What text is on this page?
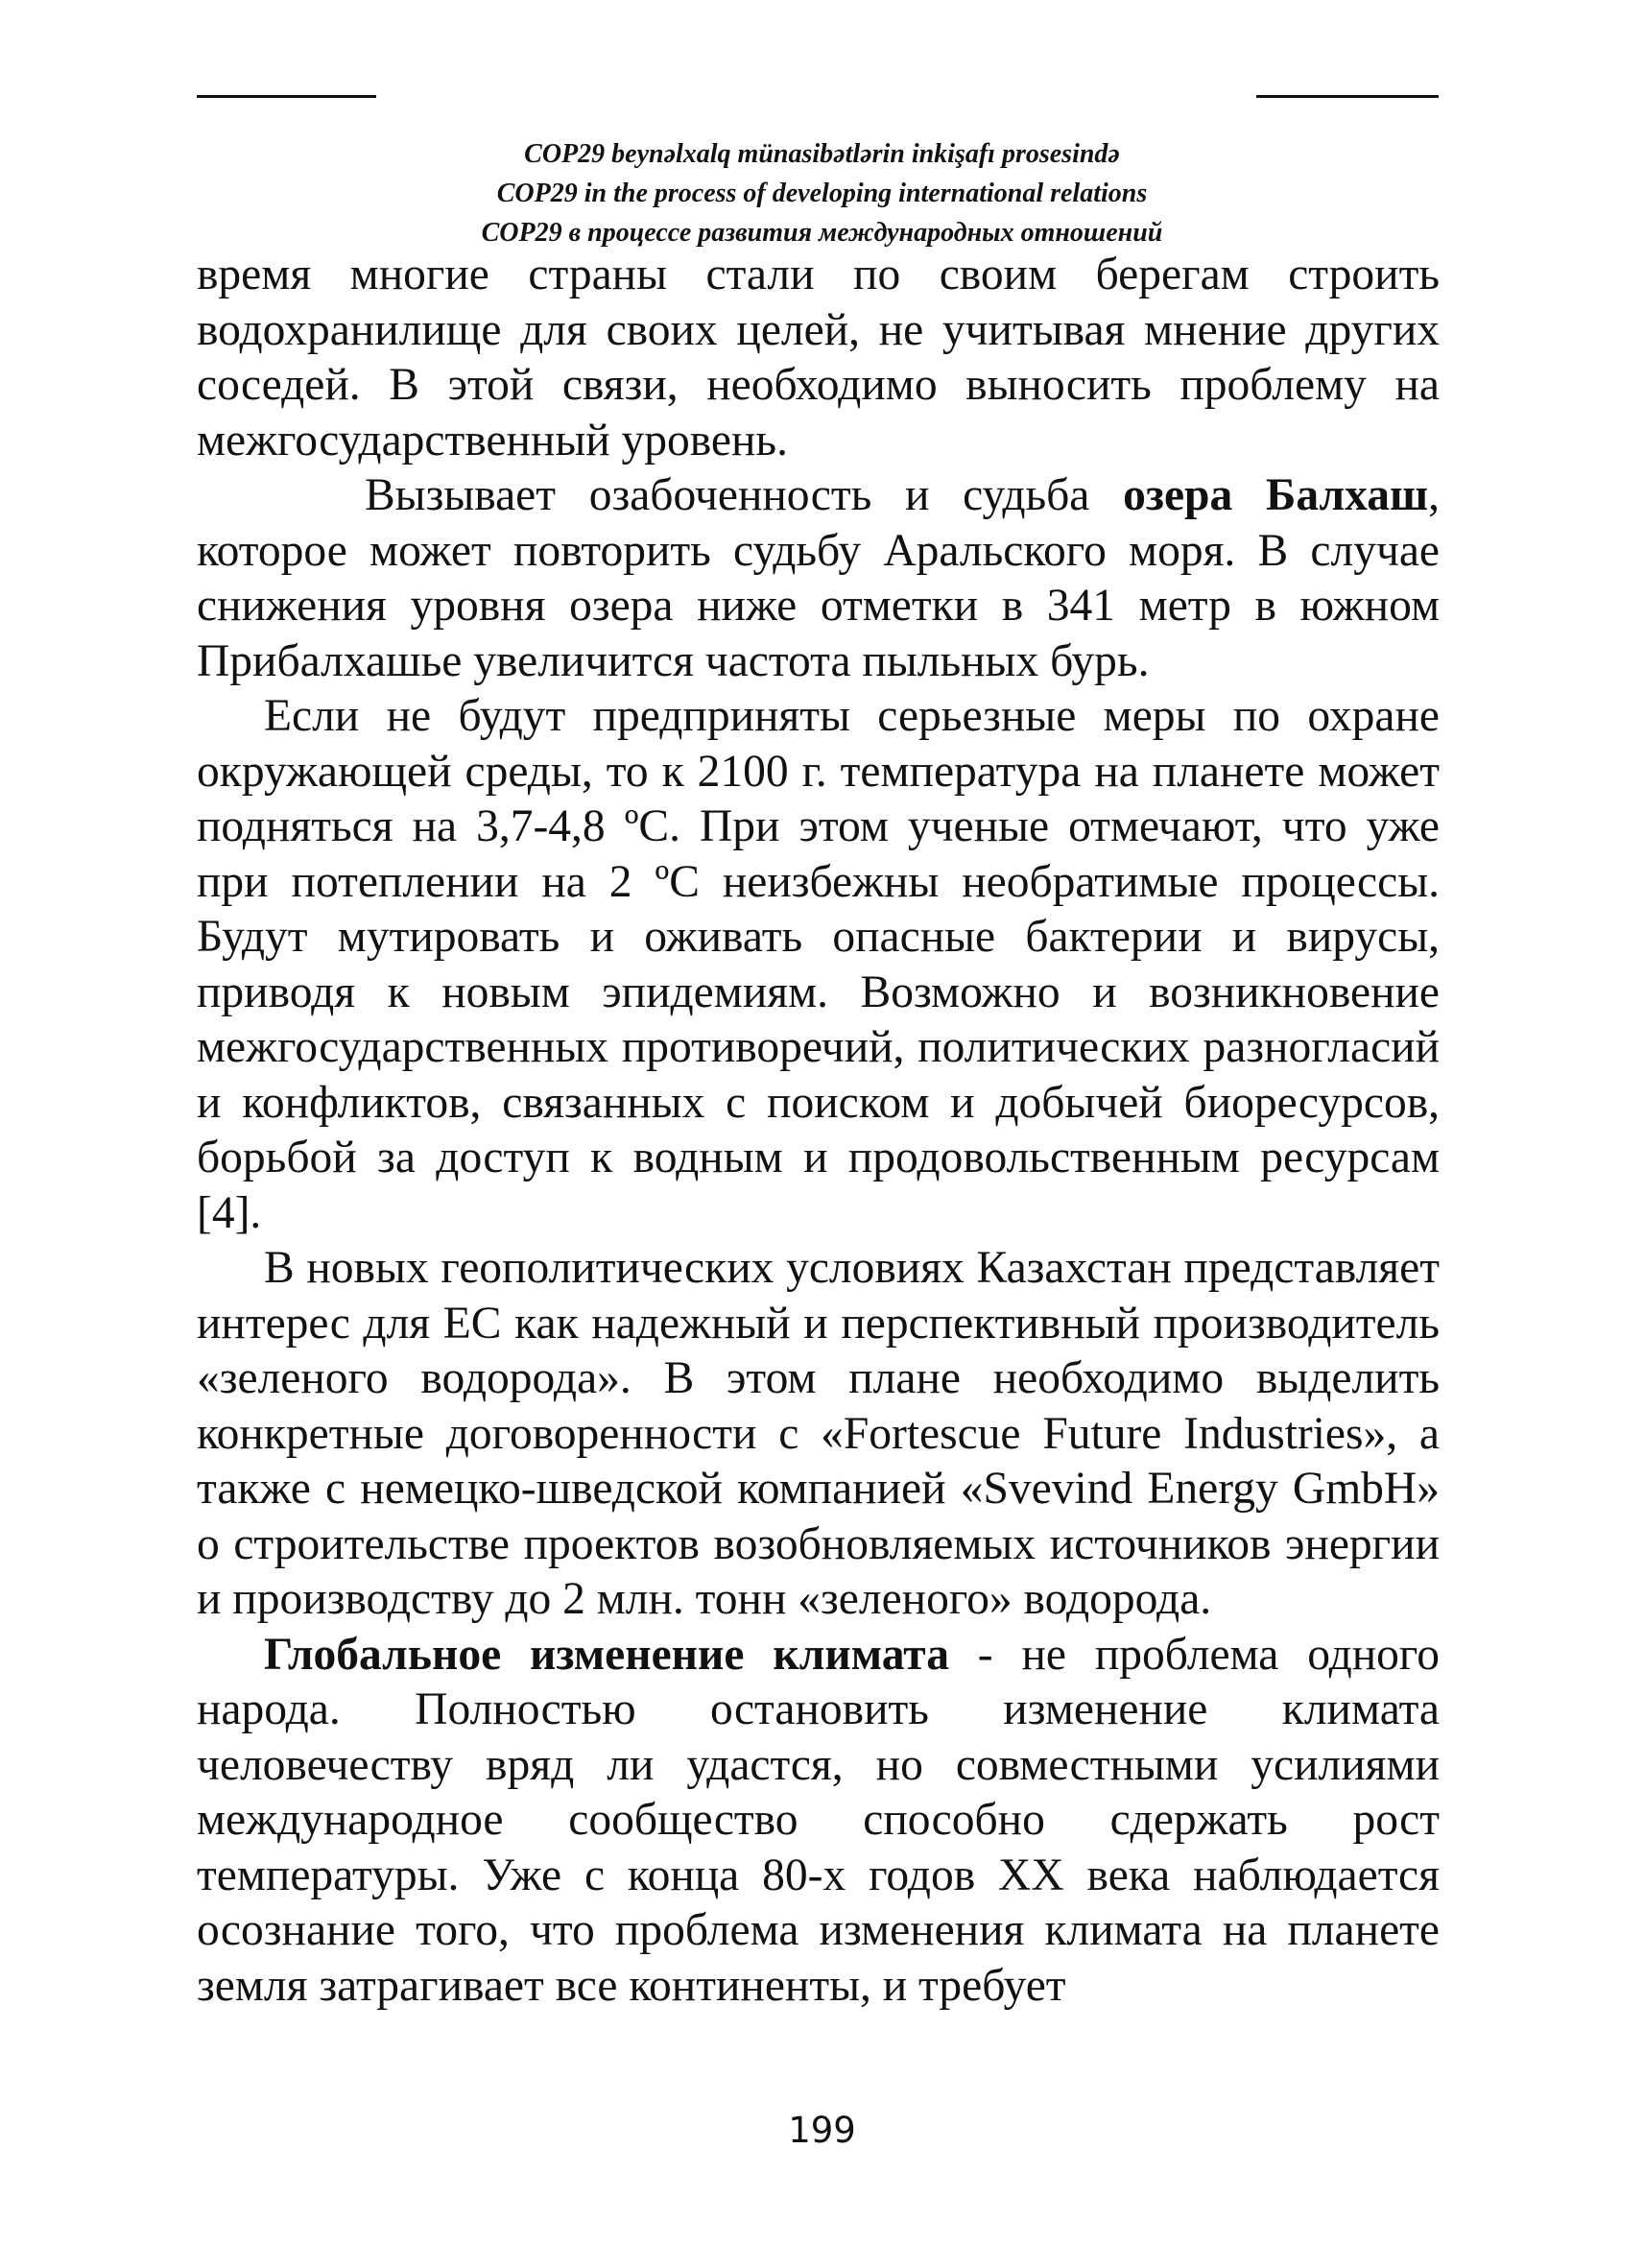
COP29 beynəlxalq münasibətlərin inkişafı prosesində
COP29 in the process of developing international relations
COP29 в процессе развития международных отношений

время многие страны стали по своим берегам строить водохранилище для своих целей, не учитывая мнение других соседей. В этой связи, необходимо выносить проблему на межгосударственный уровень.

Вызывает озабоченность и судьба озера Балхаш, которое может повторить судьбу Аральского моря. В случае снижения уровня озера ниже отметки в 341 метр в южном Прибалхашье увеличится частота пыльных бурь.

Если не будут предприняты серьезные меры по охране окружающей среды, то к 2100 г. температура на планете может подняться на 3,7-4,8 ºС. При этом ученые отмечают, что уже при потеплении на 2 ºС неизбежны необратимые процессы. Будут мутировать и оживать опасные бактерии и вирусы, приводя к новым эпидемиям. Возможно и возникновение межгосударственных противоречий, политических разногласий и конфликтов, связанных с поиском и добычей биоресурсов, борьбой за доступ к водным и продовольственным ресурсам [4].

В новых геополитических условиях Казахстан представляет интерес для ЕС как надежный и перспективный производитель «зеленого водорода». В этом плане необходимо выделить конкретные договоренности с «Fortescue Future Industries», а также с немецко-шведской компанией «Svevind Energy GmbH» о строительстве проектов возобновляемых источников энергии и производству до 2 млн. тонн «зеленого» водорода.

Глобальное изменение климата - не проблема одного народа. Полностью остановить изменение климата человечеству вряд ли удастся, но совместными усилиями международное сообщество способно сдержать рост температуры. Уже с конца 80-х годов XX века наблюдается осознание того, что проблема изменения климата на планете земля затрагивает все континенты, и требует

199
